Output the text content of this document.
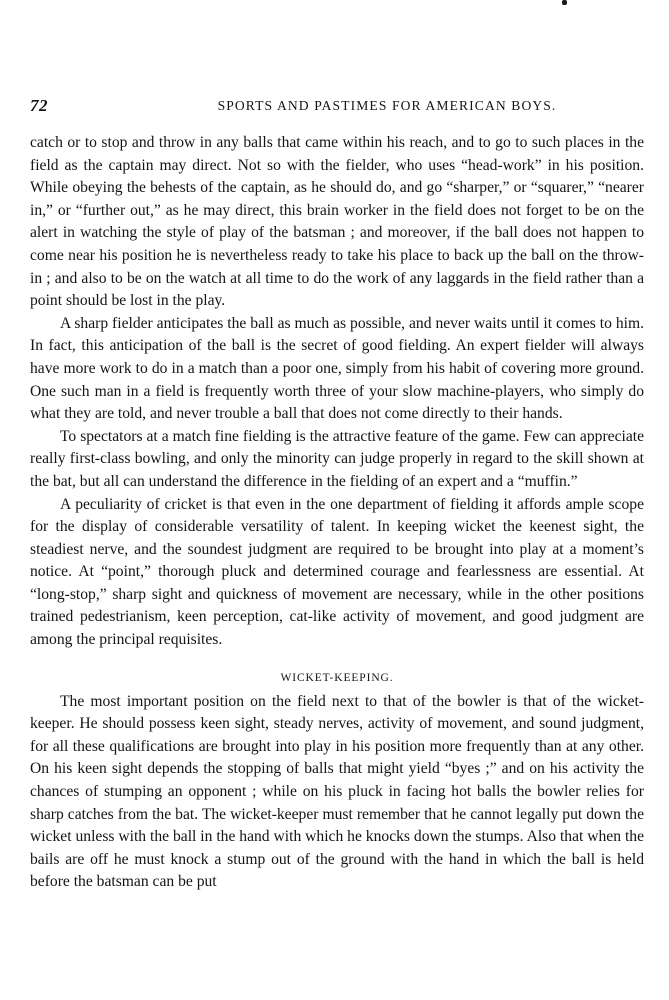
72	SPORTS AND PASTIMES FOR AMERICAN BOYS.

catch or to stop and throw in any balls that came within his reach, and to go to such places in the field as the captain may direct. Not so with the fielder, who uses “head-work” in his position. While obeying the behests of the captain, as he should do, and go “sharper,” or “squarer,” “nearer in,” or “further out,” as he may direct, this brain worker in the field does not forget to be on the alert in watching the style of play of the batsman ; and moreover, if the ball does not happen to come near his position he is nevertheless ready to take his place to back up the ball on the throw-in ; and also to be on the watch at all time to do the work of any laggards in the field rather than a point should be lost in the play.

A sharp fielder anticipates the ball as much as possible, and never waits until it comes to him. In fact, this anticipation of the ball is the secret of good fielding. An expert fielder will always have more work to do in a match than a poor one, simply from his habit of covering more ground. One such man in a field is frequently worth three of your slow machine-players, who simply do what they are told, and never trouble a ball that does not come directly to their hands.

To spectators at a match fine fielding is the attractive feature of the game. Few can appreciate really first-class bowling, and only the minority can judge properly in regard to the skill shown at the bat, but all can understand the difference in the fielding of an expert and a “muffin.”

A peculiarity of cricket is that even in the one department of fielding it affords ample scope for the display of considerable versatility of talent. In keeping wicket the keenest sight, the steadiest nerve, and the soundest judgment are required to be brought into play at a moment’s notice. At “point,” thorough pluck and determined courage and fearlessness are essential. At “long-stop,” sharp sight and quickness of movement are necessary, while in the other positions trained pedestrianism, keen perception, cat-like activity of movement, and good judgment are among the principal requisites.

WICKET-KEEPING.

The most important position on the field next to that of the bowler is that of the wicket-keeper. He should possess keen sight, steady nerves, activity of movement, and sound judgment, for all these qualifications are brought into play in his position more frequently than at any other. On his keen sight depends the stopping of balls that might yield “byes ;” and on his activity the chances of stumping an opponent ; while on his pluck in facing hot balls the bowler relies for sharp catches from the bat. The wicket-keeper must remember that he cannot legally put down the wicket unless with the ball in the hand with which he knocks down the stumps. Also that when the bails are off he must knock a stump out of the ground with the hand in which the ball is held before the batsman can be put
